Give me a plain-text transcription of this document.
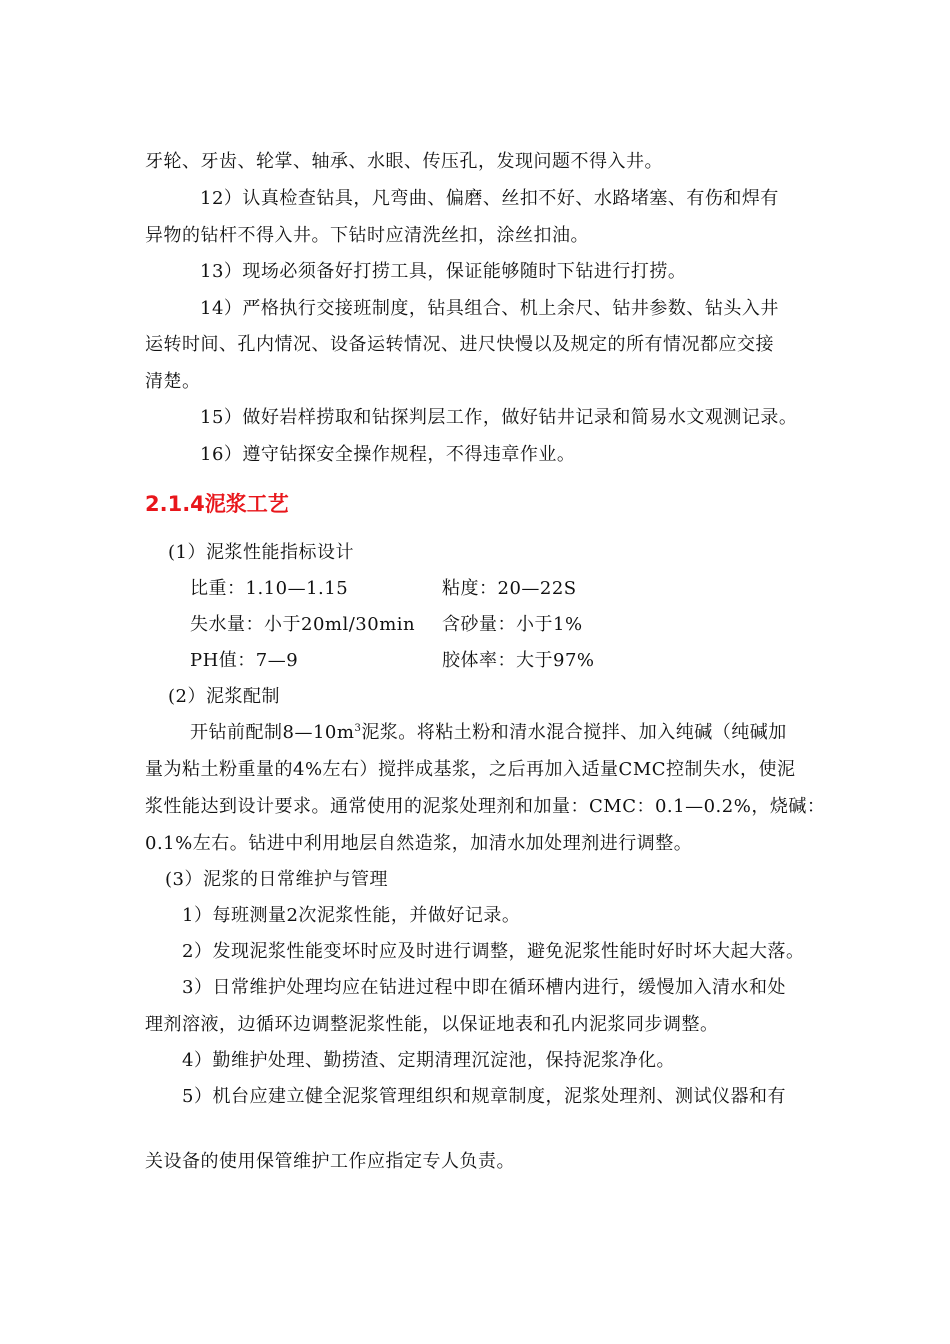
牙轮、牙齿、轮掌、轴承、水眼、传压孔，发现问题不得入井。
12）认真检查钻具，凡弯曲、偏磨、丝扣不好、水路堵塞、有伤和焊有
异物的钻杆不得入井。下钻时应清洗丝扣，涂丝扣油。
13）现场必须备好打捞工具，保证能够随时下钻进行打捞。
14）严格执行交接班制度，钻具组合、机上余尺、钻井参数、钻头入井
运转时间、孔内情况、设备运转情况、进尺快慢以及规定的所有情况都应交接
清楚。
15）做好岩样捞取和钻探判层工作，做好钻井记录和简易水文观测记录。
16）遵守钻探安全操作规程，不得违章作业。
2.1.4泥浆工艺
(1）泥浆性能指标设计
比重：1.10—1.15	粘度：20—22S
失水量：小于20ml/30min 含砂量：小于1%
PH值：7—9	胶体率：大于97%
(2）泥浆配制
开钻前配制$8—10m^3$泥浆。将粘土粉和清水混合搅拌、加入纯碱（纯碱加
量为粘土粉重量的4%左右）搅拌成基浆，之后再加入适量CMC控制失水，使泥
浆性能达到设计要求。通常使用的泥浆处理剂和加量：CMC：0.1—0.2%，烧碱：
0.1%左右。钻进中利用地层自然造浆，加清水加处理剂进行调整。
(3）泥浆的日常维护与管理
1）每班测量2次泥浆性能，并做好记录。
2）发现泥浆性能变坏时应及时进行调整，避免泥浆性能时好时坏大起大落。
3）日常维护处理均应在钻进过程中即在循环槽内进行，缓慢加入清水和处
理剂溶液，边循环边调整泥浆性能，以保证地表和孔内泥浆同步调整。
4）勤维护处理、勤捞渣、定期清理沉淀池，保持泥浆净化。
5）机台应建立健全泥浆管理组织和规章制度，泥浆处理剂、测试仪器和有
关设备的使用保管维护工作应指定专人负责。
